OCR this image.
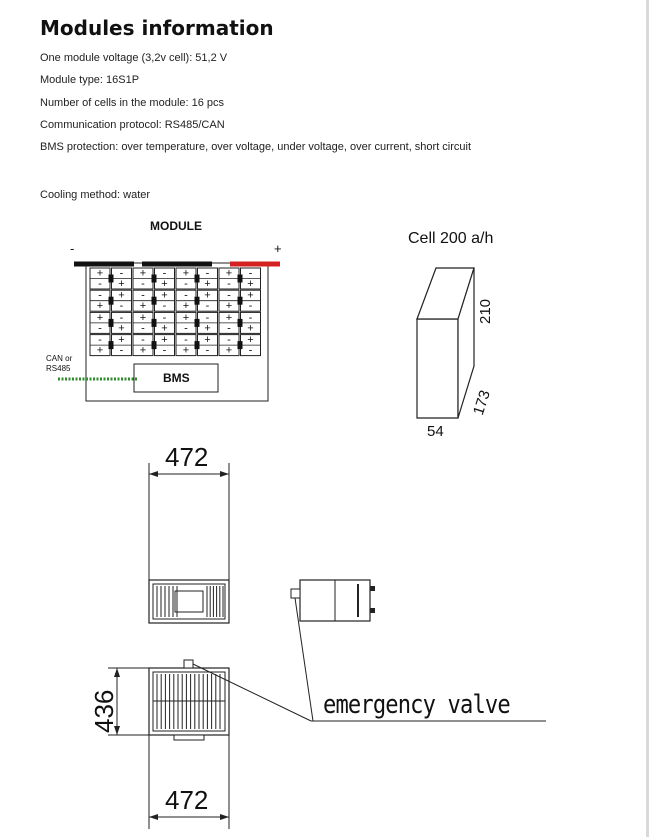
Modules information
One module voltage (3,2v cell): 51,2 V
Module type: 16S1P
Number of cells in the module: 16 pcs
Communication protocol: RS485/CAN
BMS protection: over temperature, over voltage, under voltage, over current, short circuit
Cooling method: water
MODULE
-	+
+
-
-
+
+
-
-
+
+
-
-
+
+
-
-
+
-
+
+
-
-
+
+
-
-
+
+
-
-
+
+
-
+
-
-
+
+
-
-
+
+
-
-
+
+
-
-
+
-
+
+
-
-
+
+
-
-
+
+
-
-
+
+
-
BMS
CAN or
RS485
Cell 200 a/h
210
173
54
472
436
472
emergency valve
